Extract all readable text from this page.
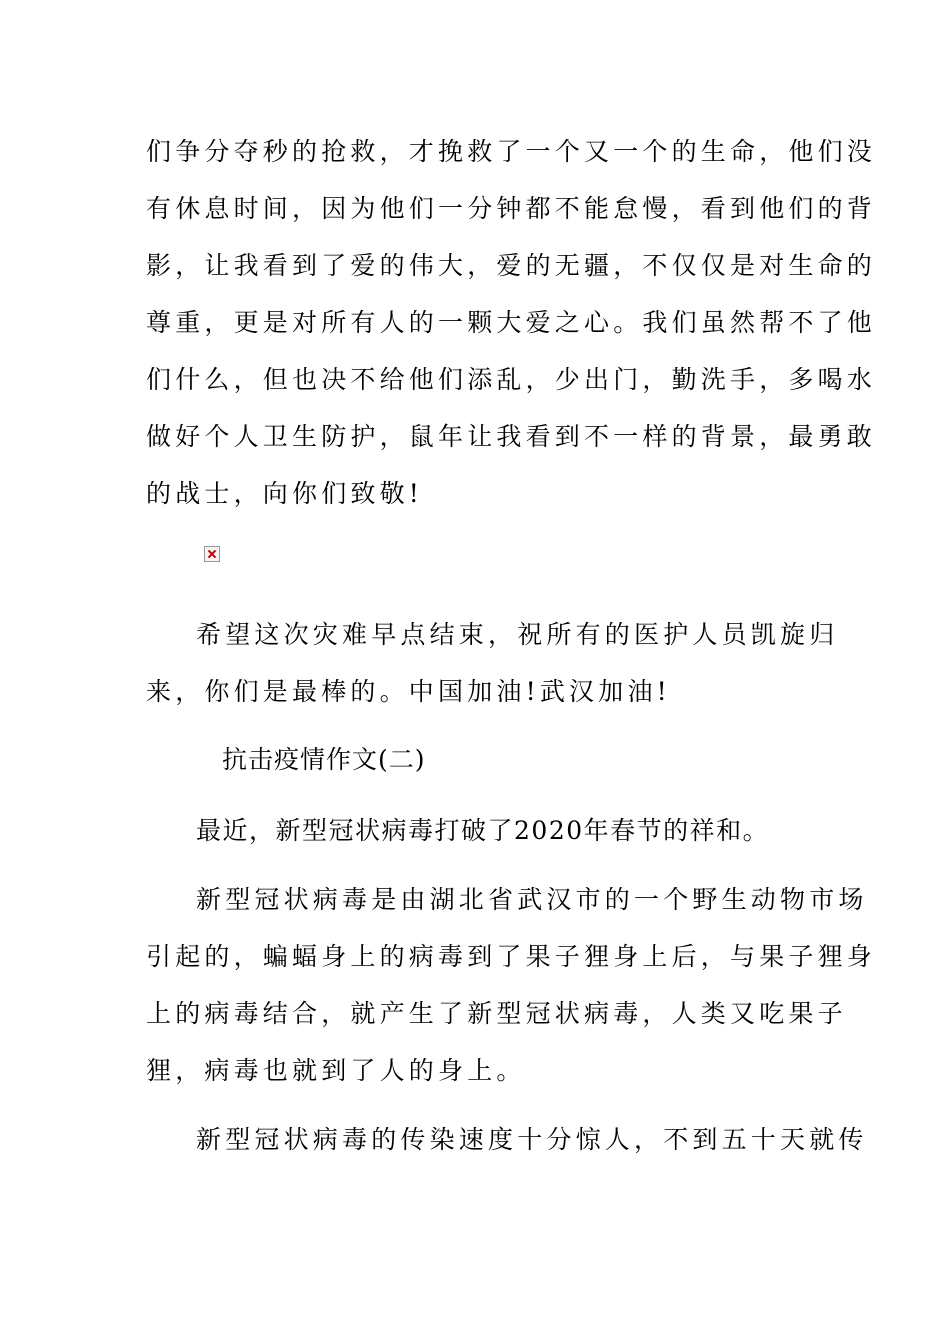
们争分夺秒的抢救，才挽救了一个又一个的生命，他们没
有休息时间，因为他们一分钟都不能怠慢，看到他们的背
影，让我看到了爱的伟大，爱的无疆，不仅仅是对生命的
尊重，更是对所有人的一颗大爱之心。我们虽然帮不了他
们什么，但也决不给他们添乱，少出门，勤洗手，多喝水
做好个人卫生防护，鼠年让我看到不一样的背景，最勇敢
的战士，向你们致敬!
希望这次灾难早点结束，祝所有的医护人员凯旋归
来，你们是最棒的。中国加油!武汉加油!
抗击疫情作文(二)
最近，新型冠状病毒打破了2020年春节的祥和。
新型冠状病毒是由湖北省武汉市的一个野生动物市场
引起的，蝙蝠身上的病毒到了果子狸身上后，与果子狸身
上的病毒结合，就产生了新型冠状病毒，人类又吃果子
狸，病毒也就到了人的身上。
新型冠状病毒的传染速度十分惊人，不到五十天就传
